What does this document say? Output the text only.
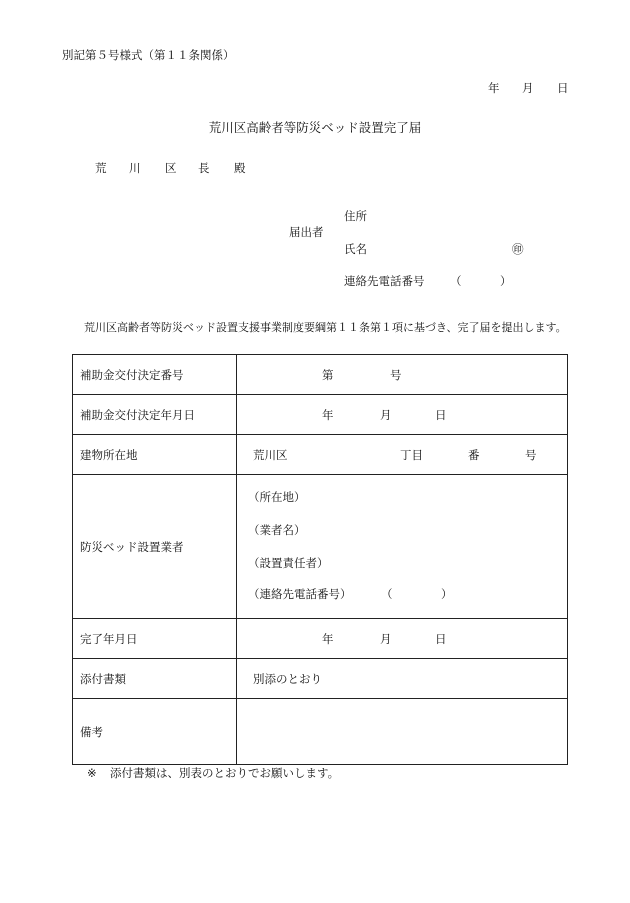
別記第５号様式（第１１条関係）
年 月 日
荒川区高齢者等防災ベッド設置完了届
荒 川 区 長 殿
住所
届出者
氏名	㊞
連絡先電話番号 （	）
荒川区高齢者等防災ベッド設置支援事業制度要綱第１１条第１項に基づき、完了届を提出します。
補助金交付決定番号	第	号
補助金交付決定年月日	年	月	日
建物所在地	荒川区	丁目	番	号
防災ベッド設置業者
（所在地）
（業者名）
（設置責任者）
（連絡先電話番号）	（	）
完了年月日	年	月	日
添付書類	別添のとおり
備考
※ 添付書類は、別表のとおりでお願いします。
